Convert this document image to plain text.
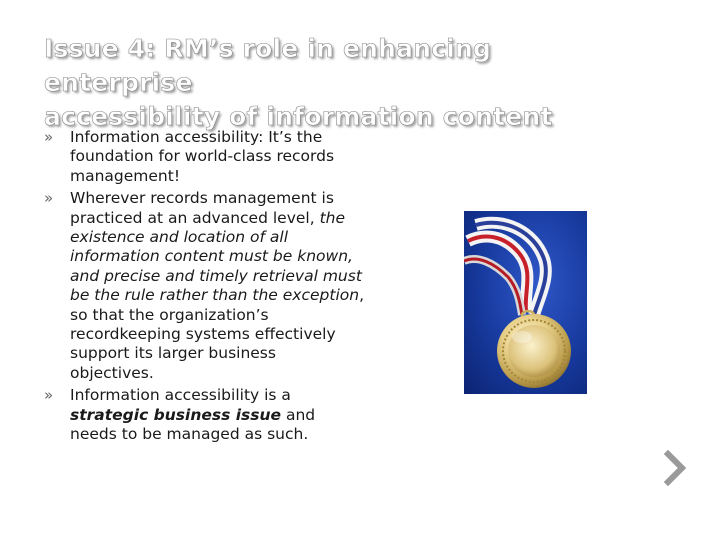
Issue 4: RM’s role in enhancing enterprise
accessibility of information content
» Information accessibility: It’s the foundation for world-class records management!
» Wherever records management is practiced at an advanced level, the existence and location of all information content must be known, and precise and timely retrieval must be the rule rather than the exception, so that the organization’s recordkeeping systems effectively support its larger business objectives.
» Information accessibility is a strategic business issue and needs to be managed as such.
